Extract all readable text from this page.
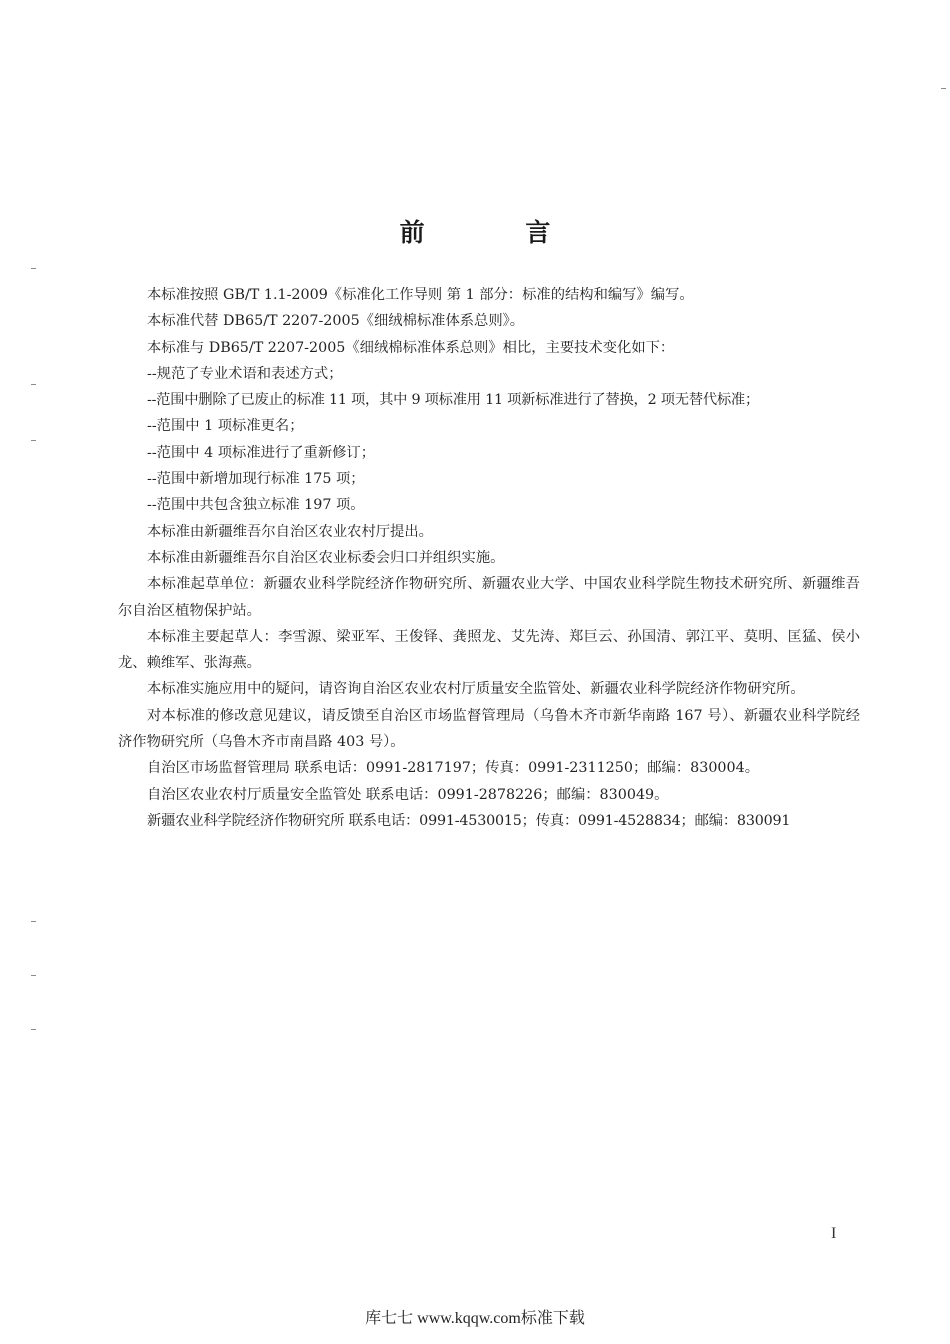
前 言

本标准按照 GB/T 1.1-2009《标准化工作导则 第 1 部分：标准的结构和编写》编写。

本标准代替 DB65/T 2207-2005《细绒棉标准体系总则》。

本标准与 DB65/T 2207-2005《细绒棉标准体系总则》相比，主要技术变化如下：

--规范了专业术语和表述方式；

--范围中删除了已废止的标准 11 项，其中 9 项标准用 11 项新标准进行了替换，2 项无替代标准；

--范围中 1 项标准更名；

--范围中 4 项标准进行了重新修订；

--范围中新增加现行标准 175 项；

--范围中共包含独立标准 197 项。

本标准由新疆维吾尔自治区农业农村厅提出。

本标准由新疆维吾尔自治区农业标委会归口并组织实施。

本标准起草单位：新疆农业科学院经济作物研究所、新疆农业大学、中国农业科学院生物技术研究所、新疆维吾尔自治区植物保护站。

本标准主要起草人：李雪源、梁亚军、王俊铎、龚照龙、艾先涛、郑巨云、孙国清、郭江平、莫明、匡猛、侯小龙、赖维军、张海燕。

本标准实施应用中的疑问，请咨询自治区农业农村厅质量安全监管处、新疆农业科学院经济作物研究所。

对本标准的修改意见建议，请反馈至自治区市场监督管理局（乌鲁木齐市新华南路 167 号）、新疆农业科学院经济作物研究所（乌鲁木齐市南昌路 403 号）。

自治区市场监督管理局 联系电话：0991-2817197；传真：0991-2311250；邮编：830004。

自治区农业农村厅质量安全监管处 联系电话：0991-2878226；邮编：830049。

新疆农业科学院经济作物研究所 联系电话：0991-4530015；传真：0991-4528834；邮编：830091

I
库七七 www.kqqw.com标准下载
